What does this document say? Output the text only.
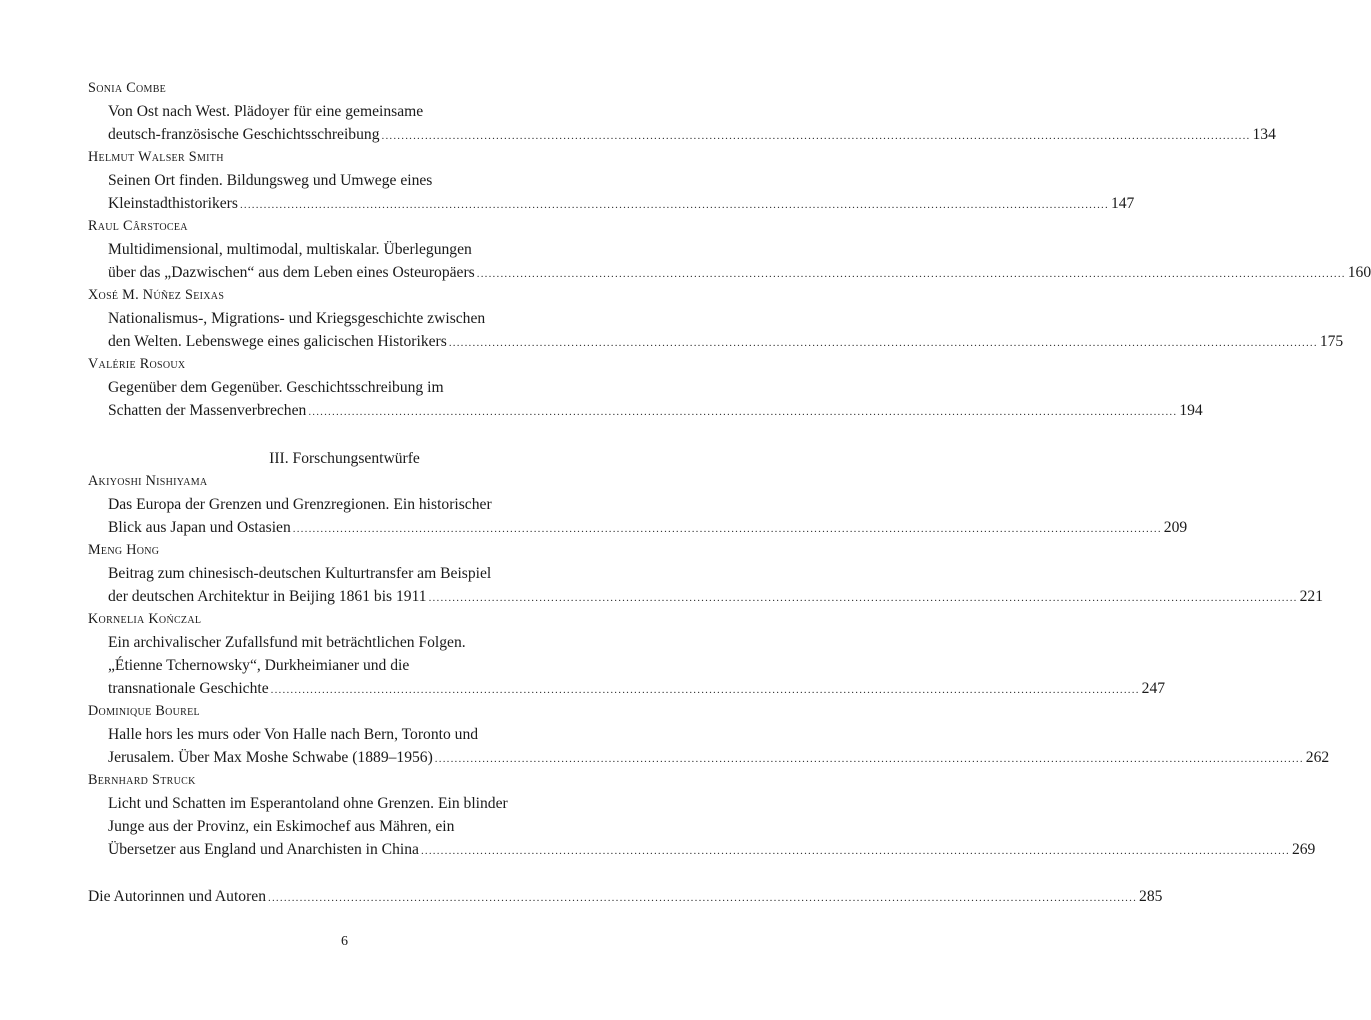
Sonia Combe
Von Ost nach West. Plädoyer für eine gemeinsame
deutsch-französische Geschichtsschreibung ............................................................................................................................................................................................................................ 134
Helmut Walser Smith
Seinen Ort finden. Bildungsweg und Umwege eines
Kleinstadthistorikers ............................................................................................................................................................................................................................ 147
Raul Cârstocea
Multidimensional, multimodal, multiskalar. Überlegungen
über das „Dazwischen“ aus dem Leben eines Osteuropäers ............................................................................................................................................................................................................................ 160
Xosé M. Núñez Seixas
Nationalismus-, Migrations- und Kriegsgeschichte zwischen
den Welten. Lebenswege eines galicischen Historikers ............................................................................................................................................................................................................................ 175
Valérie Rosoux
Gegenüber dem Gegenüber. Geschichtsschreibung im
Schatten der Massenverbrechen ............................................................................................................................................................................................................................ 194
Akiyoshi Nishiyama
Das Europa der Grenzen und Grenzregionen. Ein historischer
Blick aus Japan und Ostasien ............................................................................................................................................................................................................................ 209
Meng Hong
Beitrag zum chinesisch-deutschen Kulturtransfer am Beispiel
der deutschen Architektur in Beijing 1861 bis 1911 ............................................................................................................................................................................................................................ 221
Kornelia Kończal
Ein archivalischer Zufallsfund mit beträchtlichen Folgen.
„Étienne Tchernowsky“, Durkheimianer und die
transnationale Geschichte ............................................................................................................................................................................................................................ 247
Dominique Bourel
Halle hors les murs oder Von Halle nach Bern, Toronto und
Jerusalem. Über Max Moshe Schwabe (1889–1956) ............................................................................................................................................................................................................................ 262
Bernhard Struck
Licht und Schatten im Esperantoland ohne Grenzen. Ein blinder
Junge aus der Provinz, ein Eskimochef aus Mähren, ein
Übersetzer aus England und Anarchisten in China ............................................................................................................................................................................................................................ 269
III. Forschungsentwürfe
Die Autorinnen und Autoren ............................................................................................................................................................................................................................ 285
6
